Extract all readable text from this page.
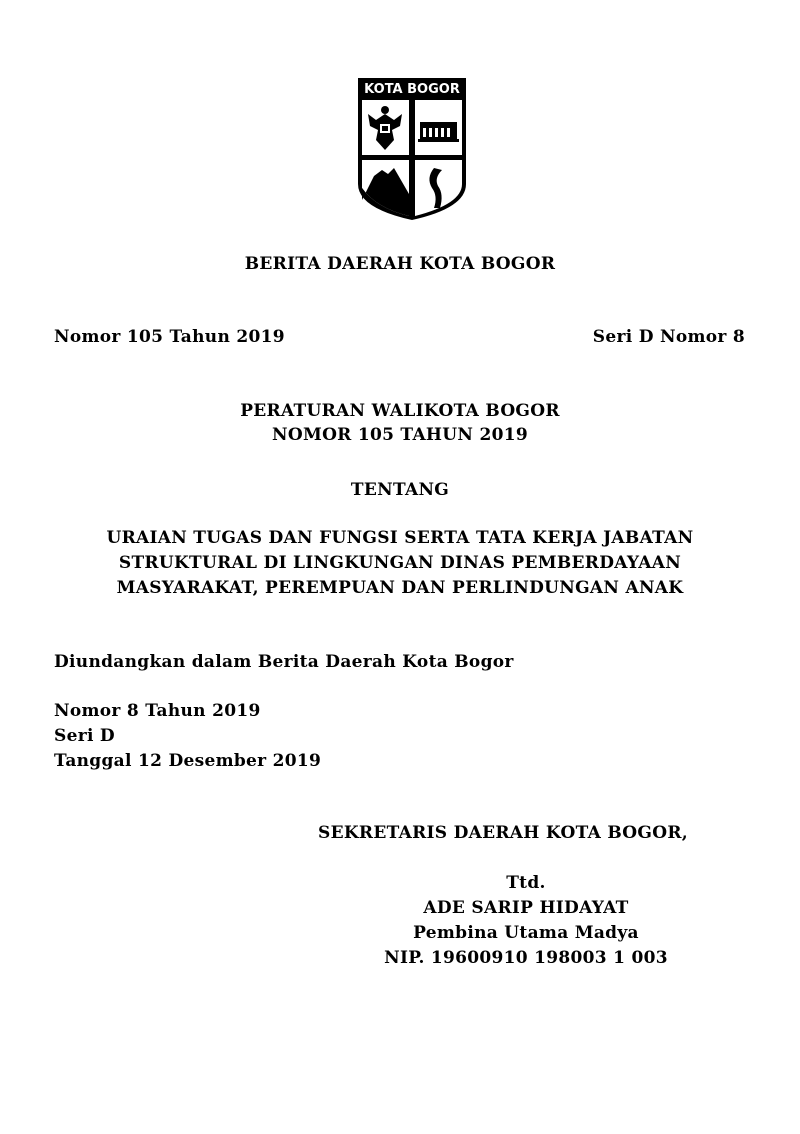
KOTA BOGOR
BERITA DAERAH KOTA BOGOR
Nomor 105 Tahun 2019	Seri D Nomor 8
PERATURAN WALIKOTA BOGOR
NOMOR 105 TAHUN 2019
TENTANG
URAIAN TUGAS DAN FUNGSI SERTA TATA KERJA JABATAN
STRUKTURAL DI LINGKUNGAN DINAS PEMBERDAYAAN
MASYARAKAT, PEREMPUAN DAN PERLINDUNGAN ANAK
Diundangkan dalam Berita Daerah Kota Bogor
Nomor 8 Tahun 2019
Seri D
Tanggal 12 Desember 2019
SEKRETARIS DAERAH KOTA BOGOR,
Ttd.
ADE SARIP HIDAYAT
Pembina Utama Madya
NIP. 19600910 198003 1 003
